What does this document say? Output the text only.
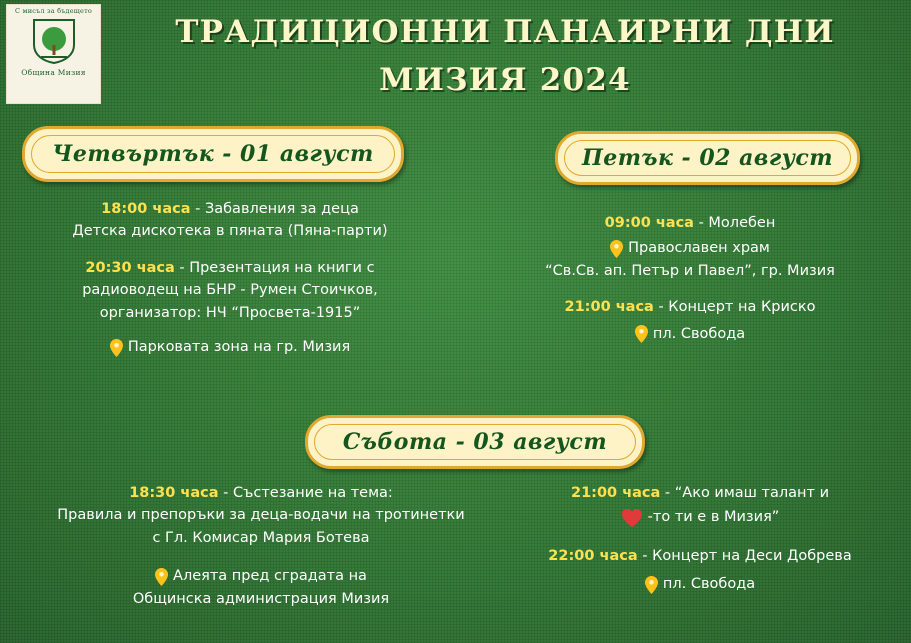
С мисъл за бъдещето
Община Мизия
ТРАДИЦИОННИ ПАНАИРНИ ДНИ
МИЗИЯ 2024
Четвъртък - 01 август
18:00 часа - Забавления за деца
Детска дискотека в пяната (Пяна-парти)
20:30 часа - Презентация на книги с
радиоводещ на БНР - Румен Стоичков,
организатор: НЧ “Просвета-1915”
Парковата зона на гр. Мизия
Петък - 02 август
09:00 часа - Молебен
Православен храм
“Св.Св. ап. Петър и Павел”, гр. Мизия
21:00 часа - Концерт на Криско
пл. Свобода
Събота - 03 август
18:30 часа - Състезание на тема:
Правила и препоръки за деца-водачи на тротинетки
с Гл. Комисар Мария Ботева
Алеята пред сградата на
Общинска администрация Мизия
21:00 часа - “Ако имаш талант и
-то ти е в Мизия”
22:00 часа - Концерт на Деси Добрева
пл. Свобода
